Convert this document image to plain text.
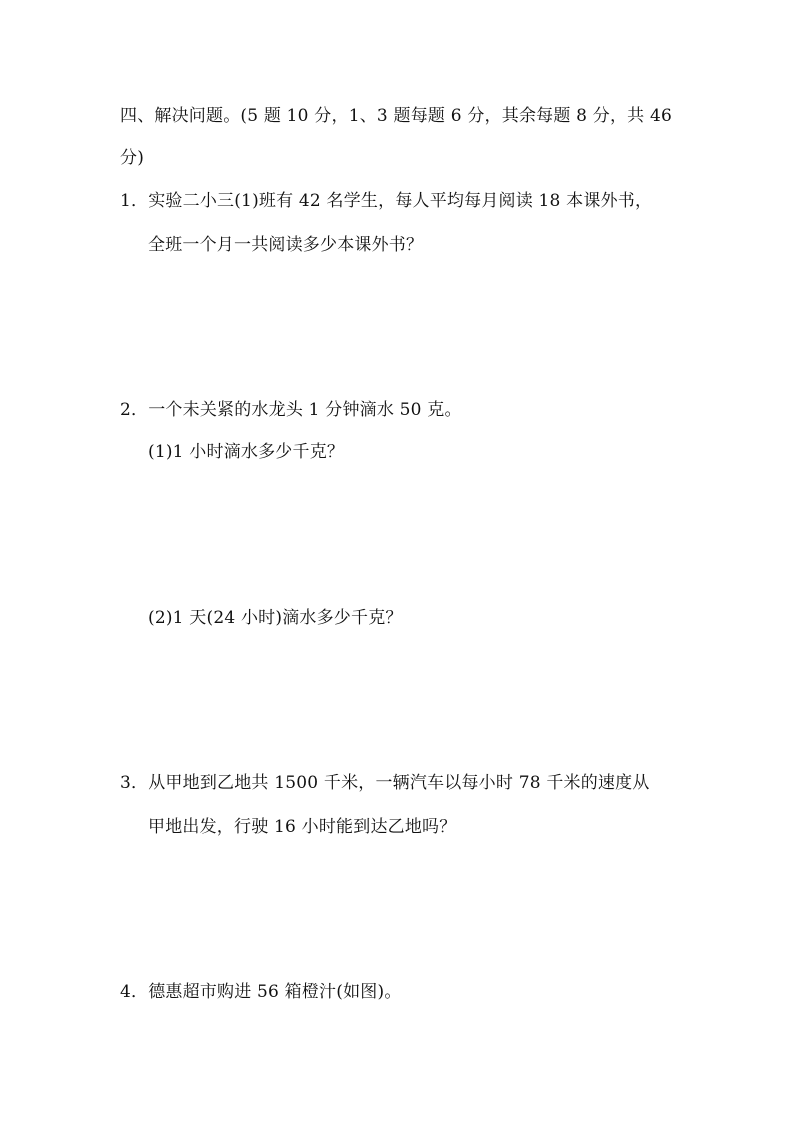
四、解决问题。(5 题 10 分，1、3 题每题 6 分，其余每题 8 分，共 46
分)
1．实验二小三(1)班有 42 名学生，每人平均每月阅读 18 本课外书，
全班一个月一共阅读多少本课外书？
2．一个未关紧的水龙头 1 分钟滴水 50 克。
(1)1 小时滴水多少千克？
(2)1 天(24 小时)滴水多少千克？
3．从甲地到乙地共 1500 千米，一辆汽车以每小时 78 千米的速度从
甲地出发，行驶 16 小时能到达乙地吗？
4．德惠超市购进 56 箱橙汁(如图)。
